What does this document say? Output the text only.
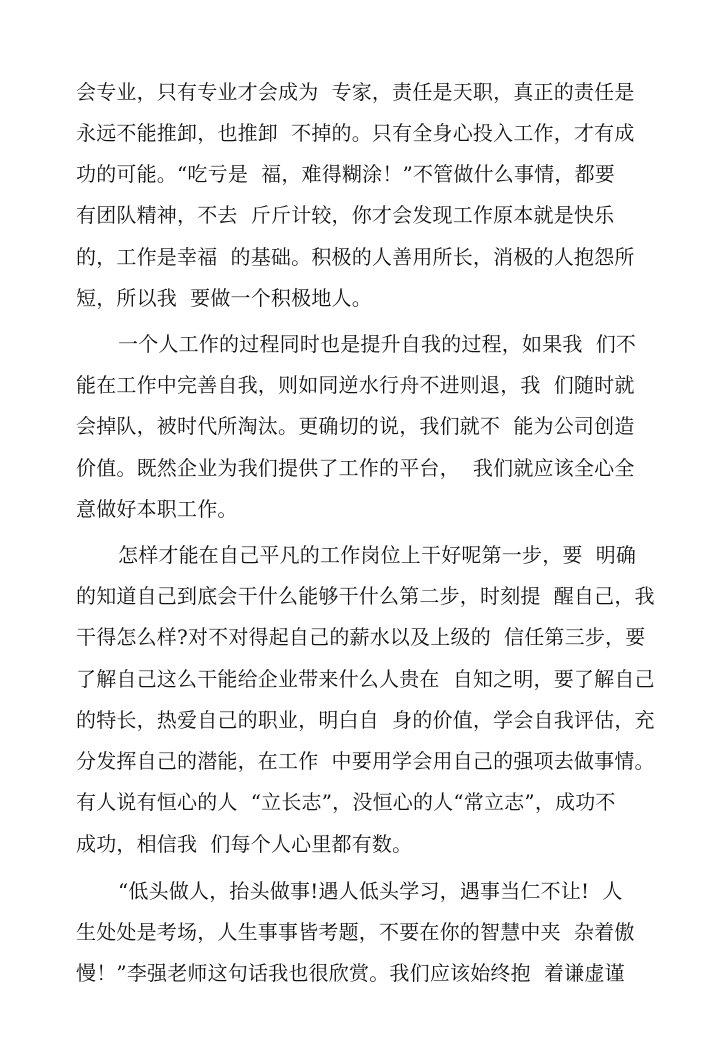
会专业，只有专业才会成为  专家，责任是天职，真正的责任是
永远不能推卸，也推卸  不掉的。只有全身心投入工作，才有成
功的可能。“吃亏是  福，难得糊涂！”不管做什么事情，都要
有团队精神，不去  斤斤计较，你才会发现工作原本就是快乐
的，工作是幸福  的基础。积极的人善用所长，消极的人抱怨所
短，所以我  要做一个积极地人。
一个人工作的过程同时也是提升自我的过程，如果我  们不
能在工作中完善自我，则如同逆水行舟不进则退，我  们随时就
会掉队，被时代所淘汰。更确切的说，我们就不  能为公司创造
价值。既然企业为我们提供了工作的平台，  我们就应该全心全
意做好本职工作。
怎样才能在自己平凡的工作岗位上干好呢第一步，要  明确
的知道自己到底会干什么能够干什么第二步，时刻提  醒自己，我
干得怎么样?对不对得起自己的薪水以及上级的  信任第三步，要
了解自己这么干能给企业带来什么人贵在  自知之明，要了解自己
的特长，热爱自己的职业，明白自  身的价值，学会自我评估，充
分发挥自己的潜能，在工作  中要用学会用自己的强项去做事情。
有人说有恒心的人  “立长志”，没恒心的人“常立志”，成功不
成功，相信我  们每个人心里都有数。
“低头做人，抬头做事!遇人低头学习，遇事当仁不让!  人
生处处是考场，人生事事皆考题，不要在你的智慧中夹  杂着傲
慢！”李强老师这句话我也很欣赏。我们应该始终抱  着谦虚谨
